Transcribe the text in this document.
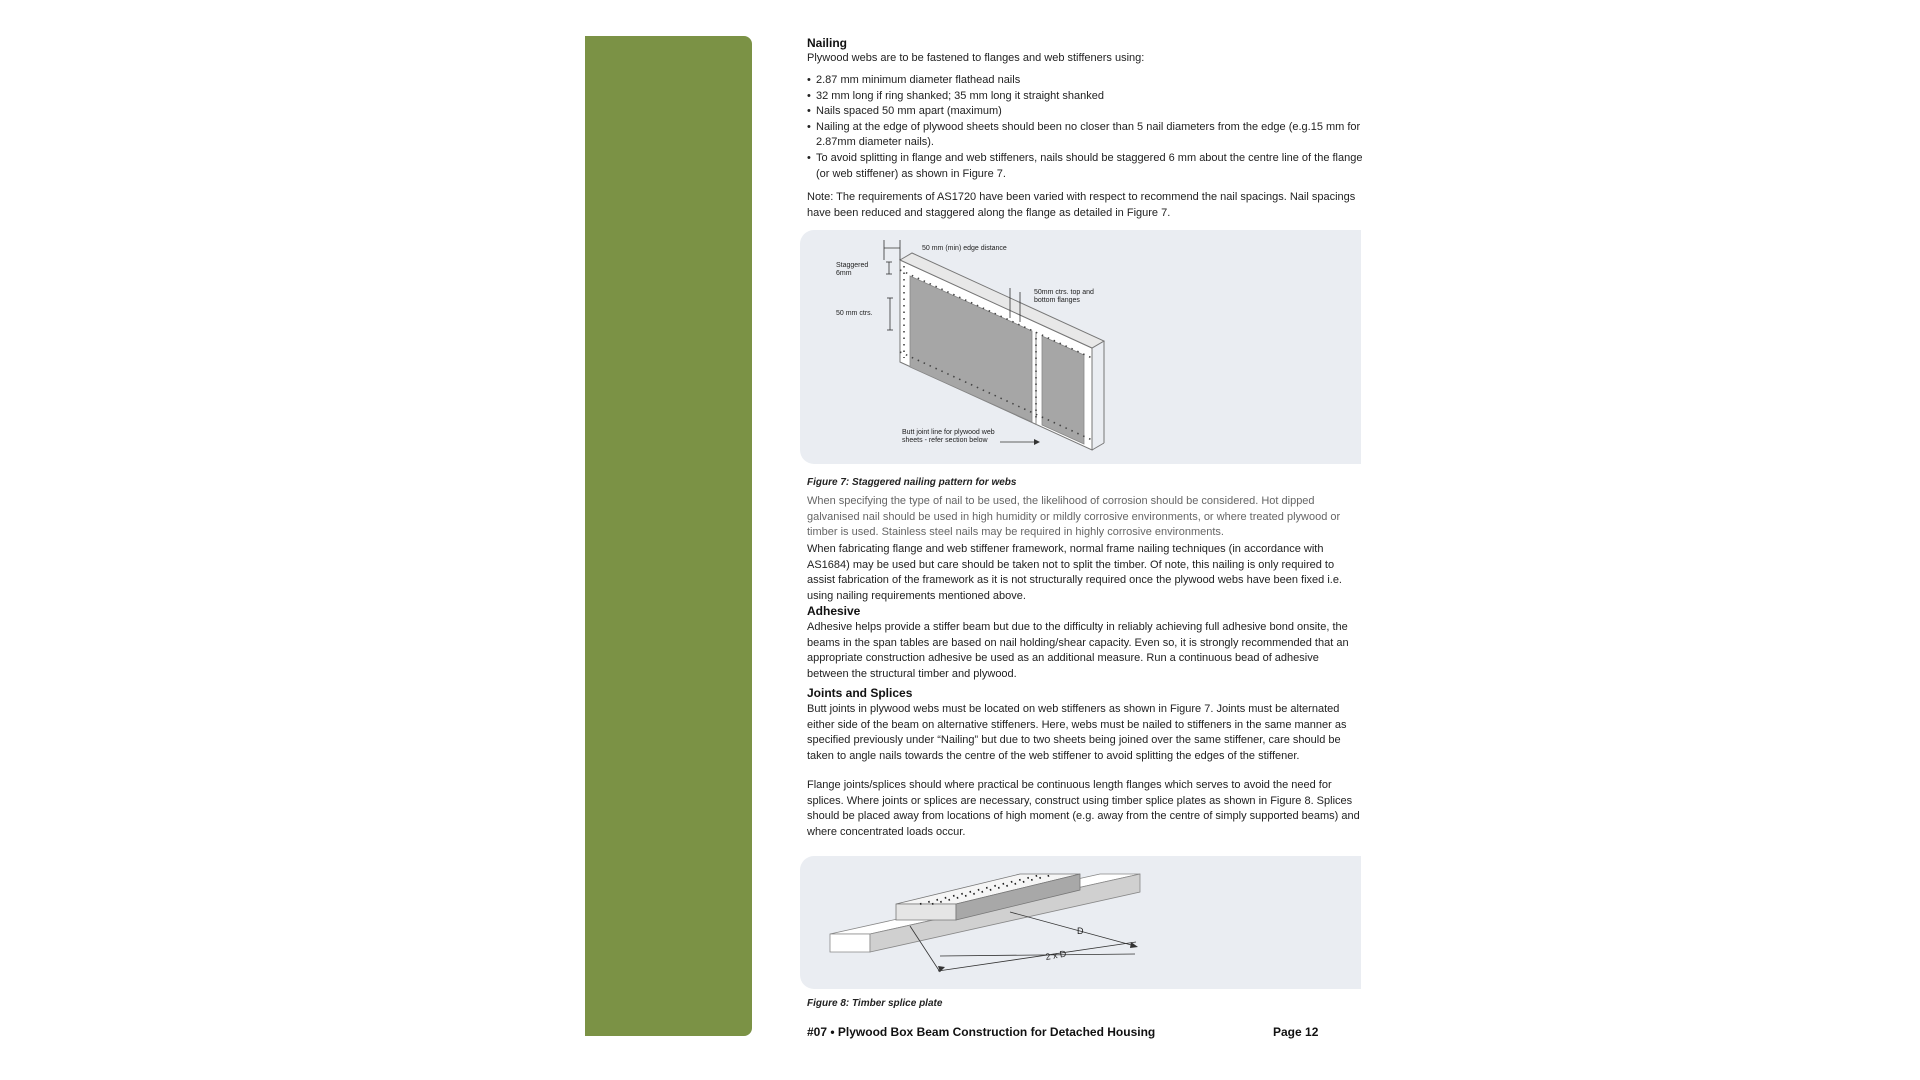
Nailing

Plywood webs are to be fastened to flanges and web stiffeners using:

• 2.87 mm minimum diameter flathead nails
• 32 mm long if ring shanked; 35 mm long it straight shanked
• Nails spaced 50 mm apart (maximum)
• Nailing at the edge of plywood sheets should been no closer than 5 nail diameters from the edge (e.g.15 mm for 2.87mm diameter nails).
• To avoid splitting in flange and web stiffeners, nails should be staggered 6 mm about the centre line of the flange (or web stiffener) as shown in Figure 7.

Note: The requirements of AS1720 have been varied with respect to recommend the nail spacings. Nail spacings have been reduced and staggered along the flange as detailed in Figure 7.

50 mm (min) edge distance
Staggered
6mm
50 mm ctrs.
50mm ctrs. top and
bottom flanges
Butt joint line for plywood web
sheets - refer section below
Figure 7: Staggered nailing pattern for webs

When specifying the type of nail to be used, the likelihood of corrosion should be considered. Hot dipped galvanised nail should be used in high humidity or mildly corrosive environments, or where treated plywood or timber is used. Stainless steel nails may be required in highly corrosive environments.

When fabricating flange and web stiffener framework, normal frame nailing techniques (in accordance with AS1684) may be used but care should be taken not to split the timber. Of note, this nailing is only required to assist fabrication of the framework as it is not structurally required once the plywood webs have been fixed i.e. using nailing requirements mentioned above.

Adhesive

Adhesive helps provide a stiffer beam but due to the difficulty in reliably achieving full adhesive bond onsite, the beams in the span tables are based on nail holding/shear capacity. Even so, it is strongly recommended that an appropriate construction adhesive be used as an additional measure. Run a continuous bead of adhesive between the structural timber and plywood.

Joints and Splices

Butt joints in plywood webs must be located on web stiffeners as shown in Figure 7. Joints must be alternated either side of the beam on alternative stiffeners. Here, webs must be nailed to stiffeners in the same manner as specified previously under “Nailing” but due to two sheets being joined over the same stiffener, care should be taken to angle nails towards the centre of the web stiffener to avoid splitting the edges of the stiffener.

Flange joints/splices should where practical be continuous length flanges which serves to avoid the need for splices. Where joints or splices are necessary, construct using timber splice plates as shown in Figure 8. Splices should be placed away from locations of high moment (e.g. away from the centre of simply supported beams) and where concentrated loads occur.

D
2 x D
Figure 8: Timber splice plate
#07 • Plywood Box Beam Construction for Detached Housing	Page 12
